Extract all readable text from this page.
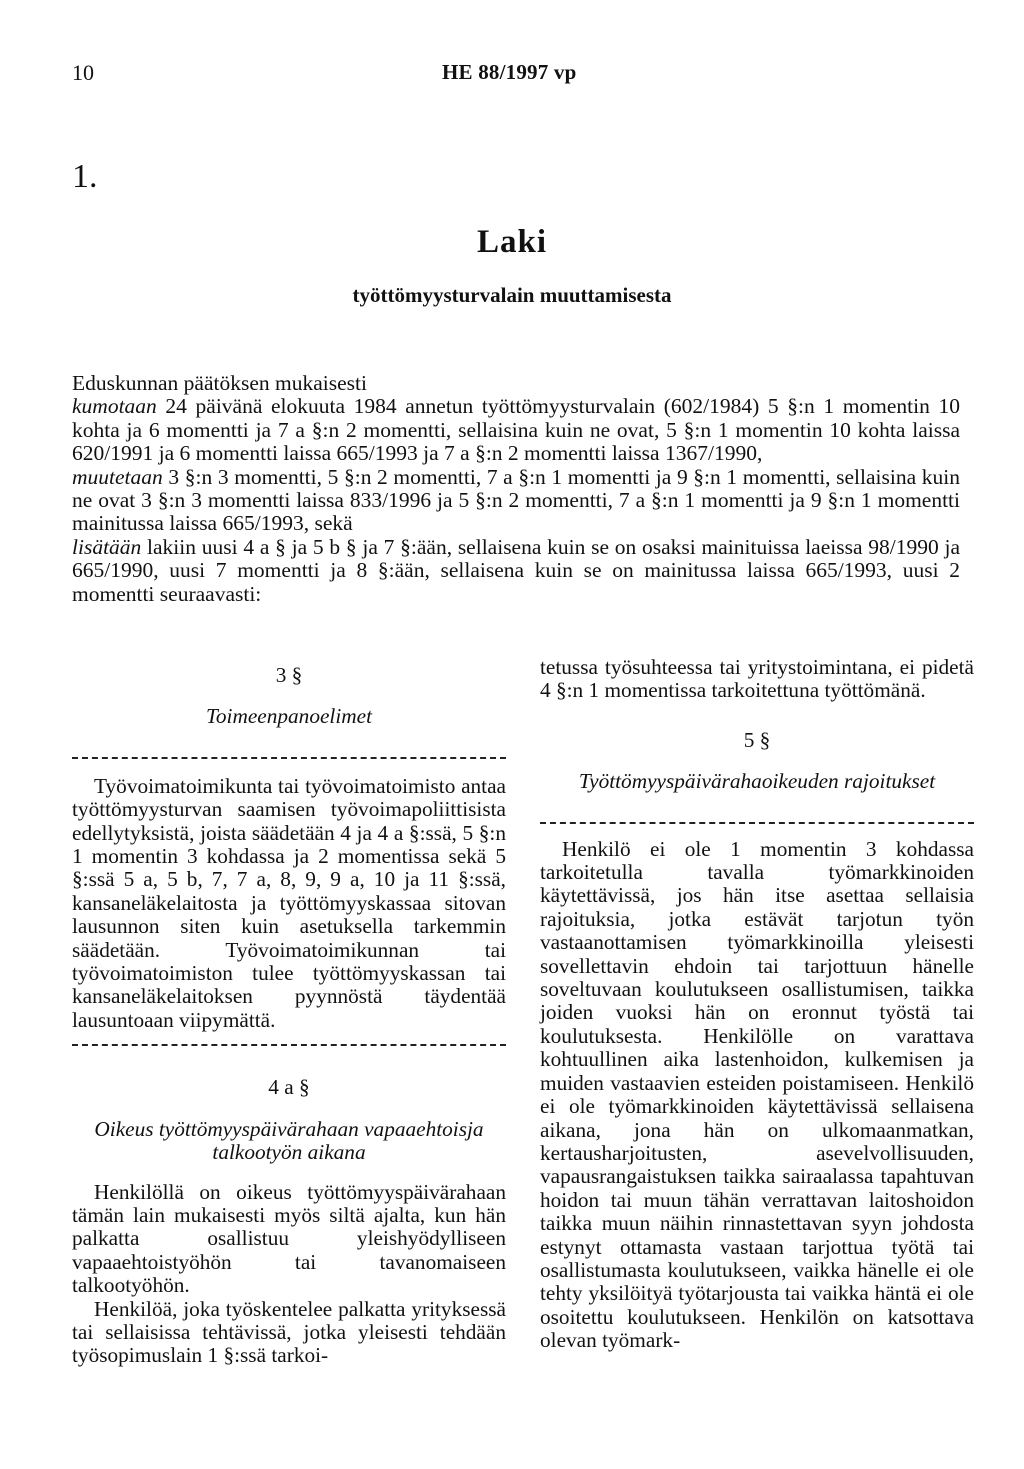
10	HE 88/1997 vp
1.
Laki
työttömyysturvalain muuttamisesta
Eduskunnan päätöksen mukaisesti
kumotaan 24 päivänä elokuuta 1984 annetun työttömyysturvalain (602/1984) 5 §:n 1 momentin 10 kohta ja 6 momentti ja 7 a §:n 2 momentti, sellaisina kuin ne ovat, 5 §:n 1 momentin 10 kohta laissa 620/1991 ja 6 momentti laissa 665/1993 ja 7 a §:n 2 momentti laissa 1367/1990,
muutetaan 3 §:n 3 momentti, 5 §:n 2 momentti, 7 a §:n 1 momentti ja 9 §:n 1 momentti, sellaisina kuin ne ovat 3 §:n 3 momentti laissa 833/1996 ja 5 §:n 2 momentti, 7 a §:n 1 momentti ja 9 §:n 1 momentti mainitussa laissa 665/1993, sekä
lisätään lakiin uusi 4 a § ja 5 b § ja 7 §:ään, sellaisena kuin se on osaksi mainituissa laeissa 98/1990 ja 665/1990, uusi 7 momentti ja 8 §:ään, sellaisena kuin se on mainitussa laissa 665/1993, uusi 2 momentti seuraavasti:
3 §
Toimeenpanoelimet
Työvoimatoimikunta tai työvoimatoimisto antaa työttömyysturvan saamisen työvoimapoliittisista edellytyksistä, joista säädetään 4 ja 4 a §:ssä, 5 §:n 1 momentin 3 kohdassa ja 2 momentissa sekä 5 §:ssä 5 a, 5 b, 7, 7 a, 8, 9, 9 a, 10 ja 11 §:ssä, kansaneläkelaitosta ja työttömyyskassaa sitovan lausunnon siten kuin asetuksella tarkemmin säädetään. Työvoimatoimikunnan tai työvoimatoimiston tulee työttömyyskassan tai kansaneläkelaitoksen pyynnöstä täydentää lausuntoaan viipymättä.
4 a §
Oikeus työttömyyspäivärahaan vapaaehtoisja talkootyön aikana
Henkilöllä on oikeus työttömyyspäivärahaan tämän lain mukaisesti myös siltä ajalta, kun hän palkatta osallistuu yleishyödylliseen vapaaehtoistyöhön tai tavanomaiseen talkootyöhön.
Henkilöä, joka työskentelee palkatta yrityksessä tai sellaisissa tehtävissä, jotka yleisesti tehdään työsopimuslain 1 §:ssä tarkoi-
tetussa työsuhteessa tai yritystoimintana, ei pidetä 4 §:n 1 momentissa tarkoitettuna työttömänä.
5 §
Työttömyyspäivärahaoikeuden rajoitukset
Henkilö ei ole 1 momentin 3 kohdassa tarkoitetulla tavalla työmarkkinoiden käytettävissä, jos hän itse asettaa sellaisia rajoituksia, jotka estävät tarjotun työn vastaanottamisen työmarkkinoilla yleisesti sovellettavin ehdoin tai tarjottuun hänelle soveltuvaan koulutukseen osallistumisen, taikka joiden vuoksi hän on eronnut työstä tai koulutuksesta. Henkilölle on varattava kohtuullinen aika lastenhoidon, kulkemisen ja muiden vastaavien esteiden poistamiseen. Henkilö ei ole työmarkkinoiden käytettävissä sellaisena aikana, jona hän on ulkomaanmatkan, kertausharjoitusten, asevelvollisuuden, vapausrangaistuksen taikka sairaalassa tapahtuvan hoidon tai muun tähän verrattavan laitoshoidon taikka muun näihin rinnastettavan syyn johdosta estynyt ottamasta vastaan tarjottua työtä tai osallistumasta koulutukseen, vaikka hänelle ei ole tehty yksilöityä työtarjousta tai vaikka häntä ei ole osoitettu koulutukseen. Henkilön on katsottava olevan työmark-
